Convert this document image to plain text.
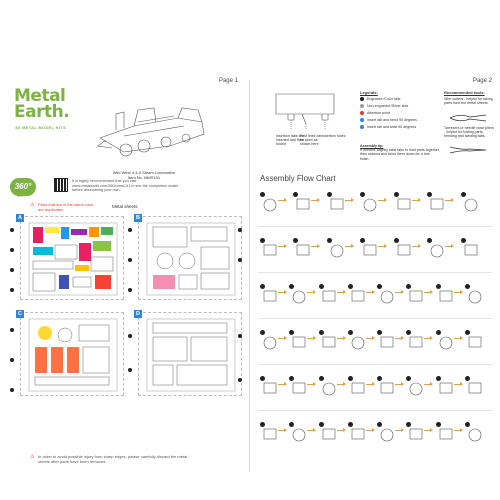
Page 1
Metal
Earth.
3D METAL MODEL KITS
Wild West 4-4-0 Steam Locomotive
Item No. MMS191
360°
view
It is highly recommended that you visit www.metalearth.com/360/mms191 to see the completed model before assembling your own.
⚠ Parts that are in the same color are duplicates.
Metal sheets
A	B
C	D
⚠ In order to avoid possible injury from sharp edges, please carefully discard the metal sheets after parts have been removed.
Page 2
Insertion tabs are inserted and then folded
Fold lines can be seen as shown here
Insertion holes
Legends:
Engraved /Color side
Non-engraved /Silver side
Attention point
Insert tab and bend 90 degrees
Insert tab and twist 90 degrees
Recommended tools:
Wire cutters - helpful for taking parts from the metal sheets.
Tweezers or needle nose pliers - helpful for folding parts, bending and twisting tabs.
Assembly tip:
If needed, slightly twist tabs to hold parts together, then unbend and bend them down for a true finish.
Assembly Flow Chart
